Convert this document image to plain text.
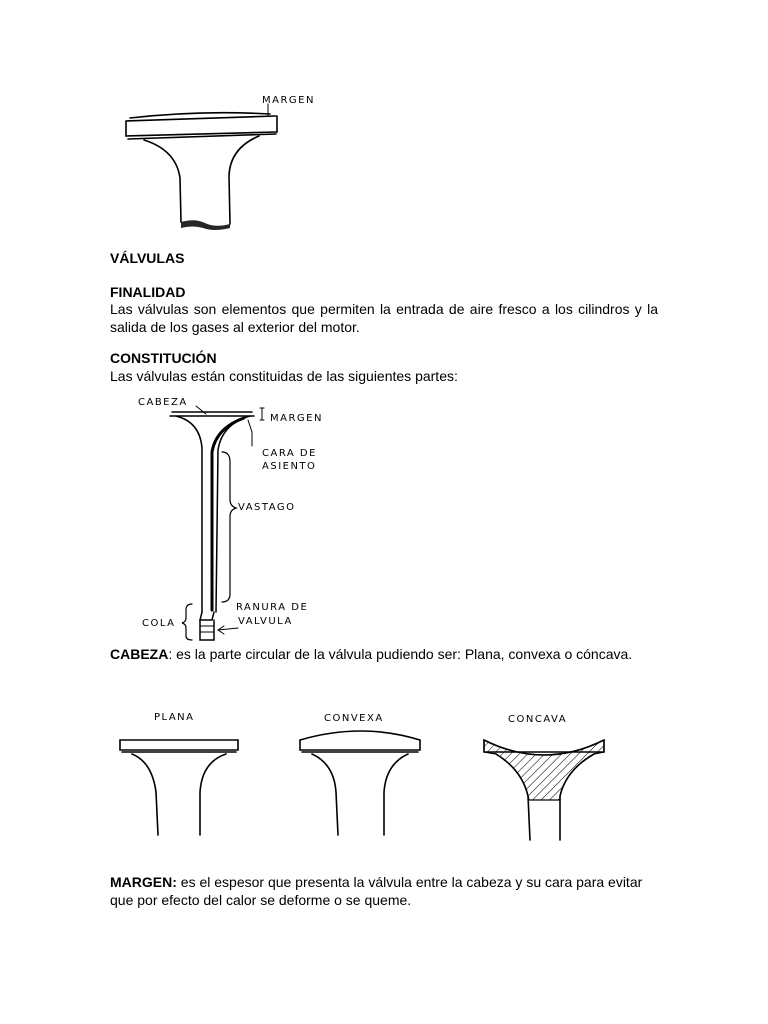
MARGEN
VÁLVULAS
FINALIDAD
Las válvulas son elementos que permiten la entrada de aire fresco a los cilindros y la salida de los gases al exterior del motor.
CONSTITUCIÓN
Las válvulas están constituidas de las siguientes partes:
CABEZA
MARGEN
CARA DE
ASIENTO
VASTAGO
RANURA DE
VALVULA
COLA
CABEZA: es la parte circular de la válvula pudiendo ser: Plana, convexa o cóncava.
PLANA	CONVEXA	CONCAVA
MARGEN: es el espesor que presenta la válvula entre la cabeza y su cara para evitar que por efecto del calor se deforme o se queme.
